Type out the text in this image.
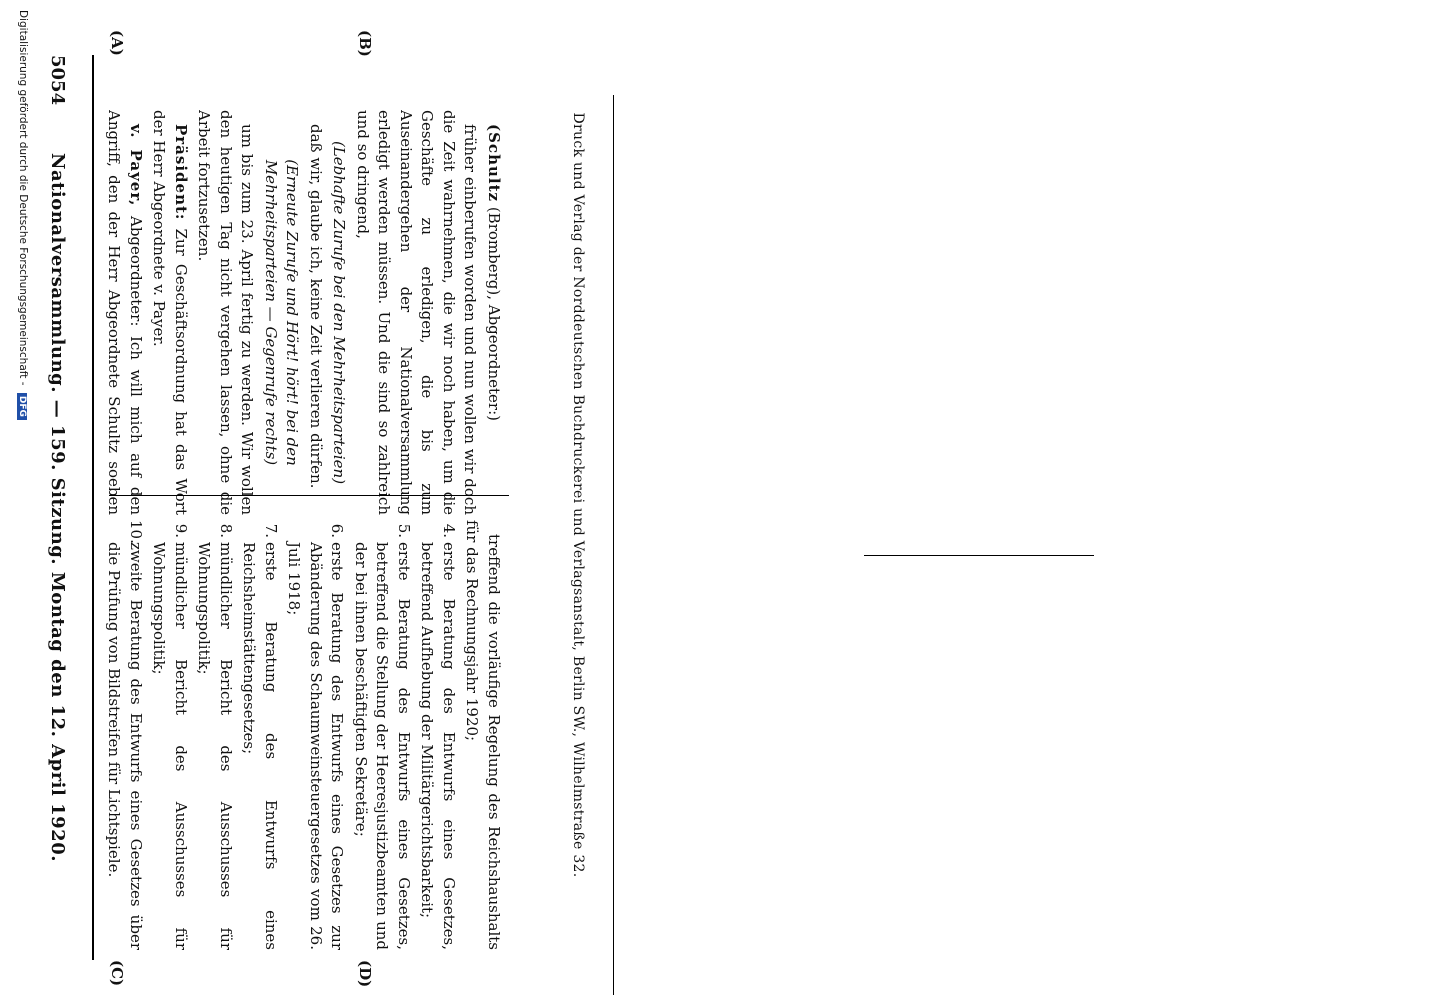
5054
Nationalversammlung. — 159. Sitzung. Montag den 12. April 1920.
(A)	(B)
(C)	(D)

(Schultz (Bromberg), Abgeordneter:)

früher einberufen worden und nun wollen wir doch die Zeit wahrnehmen, die wir noch haben, um die Geschäfte zu erledigen, die bis zum Auseinandergehen der Nationalversammlung erledigt werden müssen. Und die sind so zahlreich und so dringend,

(Lebhafte Zurufe bei den Mehrheitsparteien)

daß wir, glaube ich, keine Zeit verlieren dürfen.

(Erneute Zurufe und Hört! hört! bei den Mehrheitsparteien — Gegenrufe rechts)

um bis zum 23. April fertig zu werden. Wir wollen den heutigen Tag nicht vergehen lassen, ohne die Arbeit fortzusetzen.

Präsident: Zur Geschäftsordnung hat das Wort der Herr Abgeordnete v. Payer.

v. Payer, Abgeordneter: Ich will mich auf den Angriff, den der Herr Abgeordnete Schultz soeben

treffend die vorläufige Regelung des Reichshaushalts für das Rechnungsjahr 1920;

4.
erste Beratung des Entwurfs eines Gesetzes, betreffend Aufhebung der Militärgerichtsbarkeit;

5.
erste Beratung des Entwurfs eines Gesetzes, betreffend die Stellung der Heeresjustizbeamten und der bei ihnen beschäftigten Sekretäre;

6.
erste Beratung des Entwurfs eines Gesetzes zur Abänderung des Schaumweinsteuergesetzes vom 26. Juli 1918;

7.
erste Beratung des Entwurfs eines Reichsheimstättengesetzes;

8.
mündlicher Bericht des Ausschusses für Wohnungspolitik;

9.
mündlicher Bericht des Ausschusses für Wohnungspolitik;

10.
zweite Beratung des Entwurfs eines Gesetzes über die Prüfung von Bildstreifen für Lichtspiele.	Druck und Verlag der Norddeutschen Buchdruckerei und Verlagsanstalt, Berlin SW., Wilhelmstraße 32.
Digitalisierung gefördert durch die Deutsche Forschungsgemeinschaft - DFG
